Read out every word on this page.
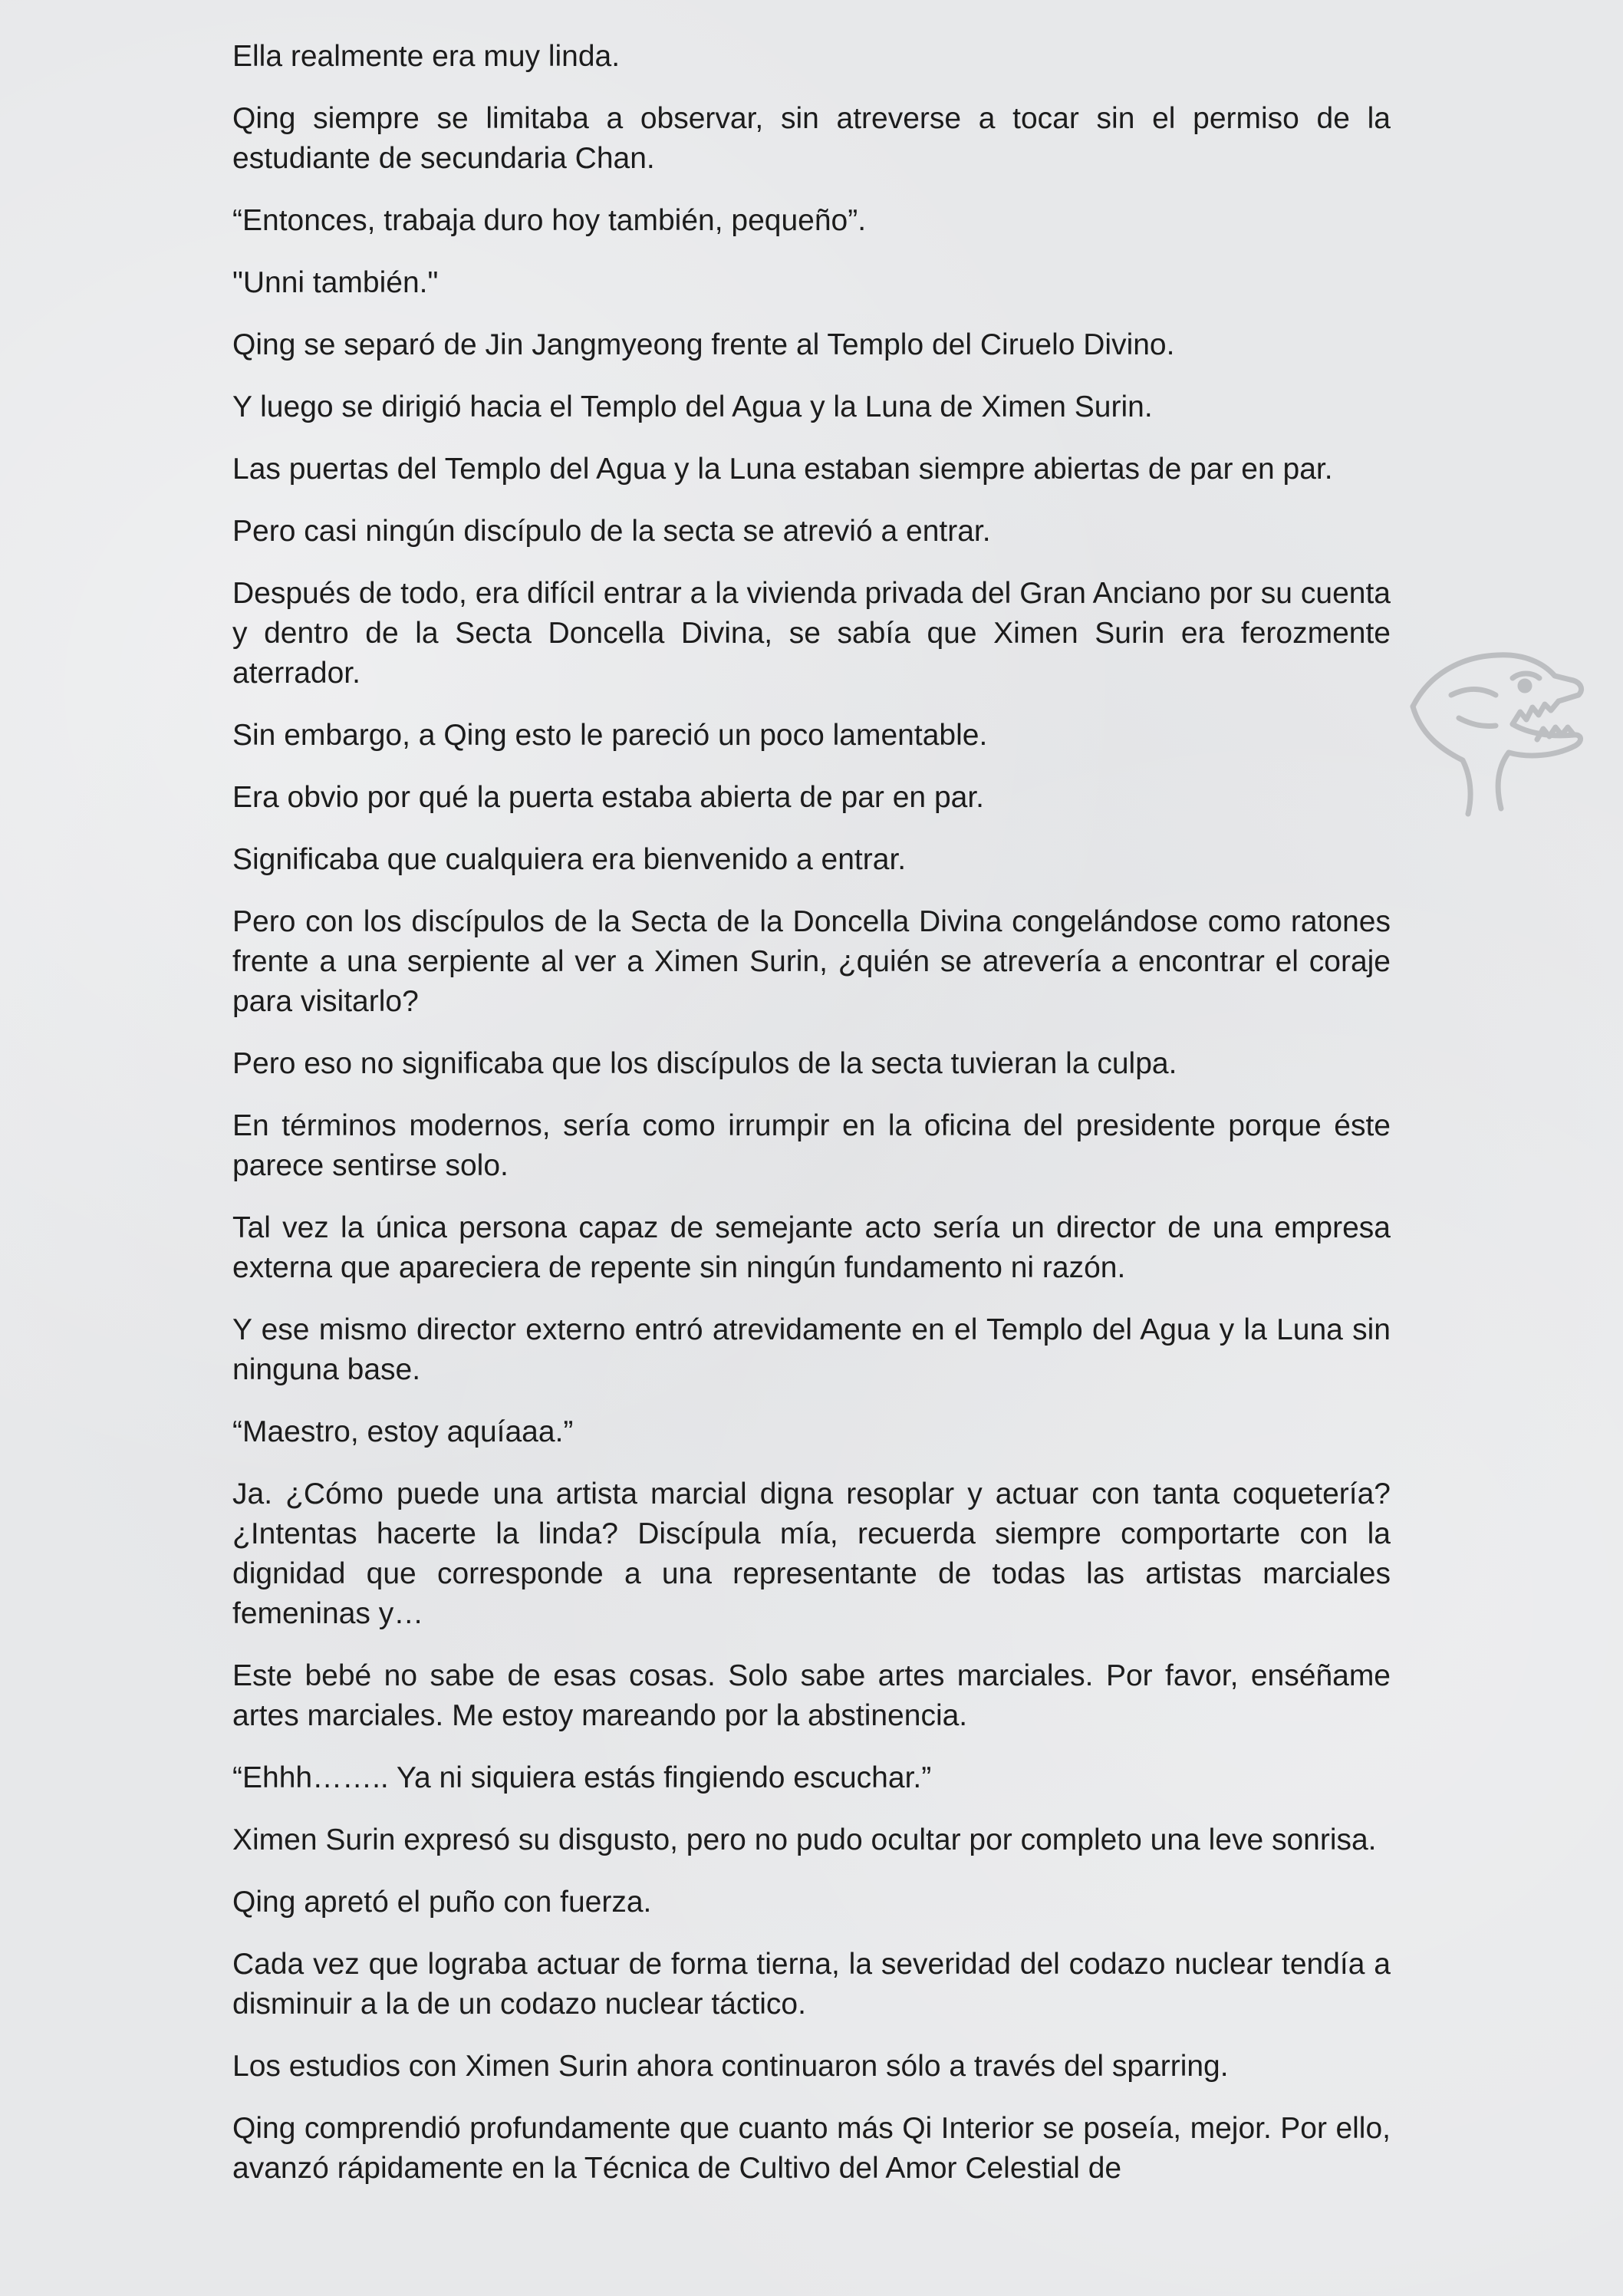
Ella realmente era muy linda.

Qing siempre se limitaba a observar, sin atreverse a tocar sin el permiso de la estudiante de secundaria Chan.

“Entonces, trabaja duro hoy también, pequeño”.

"Unni también."

Qing se separó de Jin Jangmyeong frente al Templo del Ciruelo Divino.

Y luego se dirigió hacia el Templo del Agua y la Luna de Ximen Surin.

Las puertas del Templo del Agua y la Luna estaban siempre abiertas de par en par.

Pero casi ningún discípulo de la secta se atrevió a entrar.

Después de todo, era difícil entrar a la vivienda privada del Gran Anciano por su cuenta y dentro de la Secta Doncella Divina, se sabía que Ximen Surin era ferozmente aterrador.

Sin embargo, a Qing esto le pareció un poco lamentable.

Era obvio por qué la puerta estaba abierta de par en par.

Significaba que cualquiera era bienvenido a entrar.

Pero con los discípulos de la Secta de la Doncella Divina congelándose como ratones frente a una serpiente al ver a Ximen Surin, ¿quién se atrevería a encontrar el coraje para visitarlo?

Pero eso no significaba que los discípulos de la secta tuvieran la culpa.

En términos modernos, sería como irrumpir en la oficina del presidente porque éste parece sentirse solo.

Tal vez la única persona capaz de semejante acto sería un director de una empresa externa que apareciera de repente sin ningún fundamento ni razón.

Y ese mismo director externo entró atrevidamente en el Templo del Agua y la Luna sin ninguna base.

“Maestro, estoy aquíaaa.”

Ja. ¿Cómo puede una artista marcial digna resoplar y actuar con tanta coquetería? ¿Intentas hacerte la linda? Discípula mía, recuerda siempre comportarte con la dignidad que corresponde a una representante de todas las artistas marciales femeninas y…

Este bebé no sabe de esas cosas. Solo sabe artes marciales. Por favor, enséñame artes marciales. Me estoy mareando por la abstinencia.

“Ehhh…….. Ya ni siquiera estás fingiendo escuchar.”

Ximen Surin expresó su disgusto, pero no pudo ocultar por completo una leve sonrisa.

Qing apretó el puño con fuerza.

Cada vez que lograba actuar de forma tierna, la severidad del codazo nuclear tendía a disminuir a la de un codazo nuclear táctico.

Los estudios con Ximen Surin ahora continuaron sólo a través del sparring.

Qing comprendió profundamente que cuanto más Qi Interior se poseía, mejor. Por ello, avanzó rápidamente en la Técnica de Cultivo del Amor Celestial de
